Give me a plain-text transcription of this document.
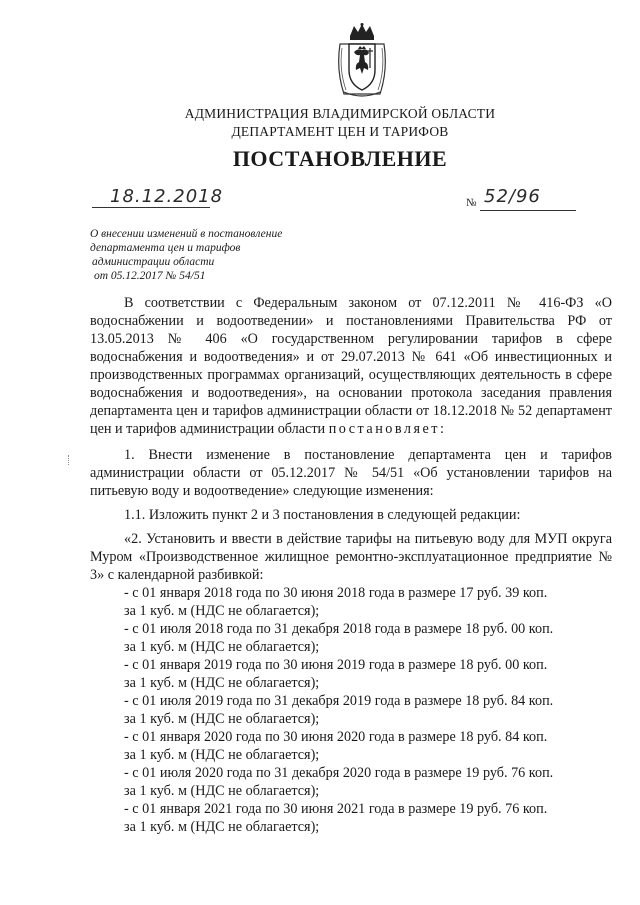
АДМИНИСТРАЦИЯ ВЛАДИМИРСКОЙ ОБЛАСТИ
ДЕПАРТАМЕНТ ЦЕН И ТАРИФОВ
ПОСТАНОВЛЕНИЕ
18.12.2018	№ 52/96
О внесении изменений в постановление
департамента цен и тарифов
администрации области
от 05.12.2017 № 54/51

В соответствии с Федеральным законом от 07.12.2011 № 416-ФЗ «О водоснабжении и водоотведении» и постановлениями Правительства РФ от 13.05.2013 № 406 «О государственном регулировании тарифов в сфере водоснабжения и водоотведения» и от 29.07.2013 № 641 «Об инвестиционных и производственных программах организаций, осуществляющих деятельность в сфере водоснабжения и водоотведения», на основании протокола заседания правления департамента цен и тарифов администрации области от 18.12.2018 № 52 департамент цен и тарифов администрации области постановляет:

1. Внести изменение в постановление департамента цен и тарифов администрации области от 05.12.2017 № 54/51 «Об установлении тарифов на питьевую воду и водоотведение» следующие изменения:

1.1. Изложить пункт 2 и 3 постановления в следующей редакции:

«2. Установить и ввести в действие тарифы на питьевую воду для МУП округа Муром «Производственное жилищное ремонтно-эксплуатационное предприятие № 3» с календарной разбивкой:

- с 01 января 2018 года по 30 июня 2018 года в размере 17 руб. 39 коп.

за 1 куб. м (НДС не облагается);

- с 01 июля 2018 года по 31 декабря 2018 года в размере 18 руб. 00 коп.

за 1 куб. м (НДС не облагается);

- с 01 января 2019 года по 30 июня 2019 года в размере 18 руб. 00 коп.

за 1 куб. м (НДС не облагается);

- с 01 июля 2019 года по 31 декабря 2019 года в размере 18 руб. 84 коп.

за 1 куб. м (НДС не облагается);

- с 01 января 2020 года по 30 июня 2020 года в размере 18 руб. 84 коп.

за 1 куб. м (НДС не облагается);

- с 01 июля 2020 года по 31 декабря 2020 года в размере 19 руб. 76 коп.

за 1 куб. м (НДС не облагается);

- с 01 января 2021 года по 30 июня 2021 года в размере 19 руб. 76 коп.

за 1 куб. м (НДС не облагается);
